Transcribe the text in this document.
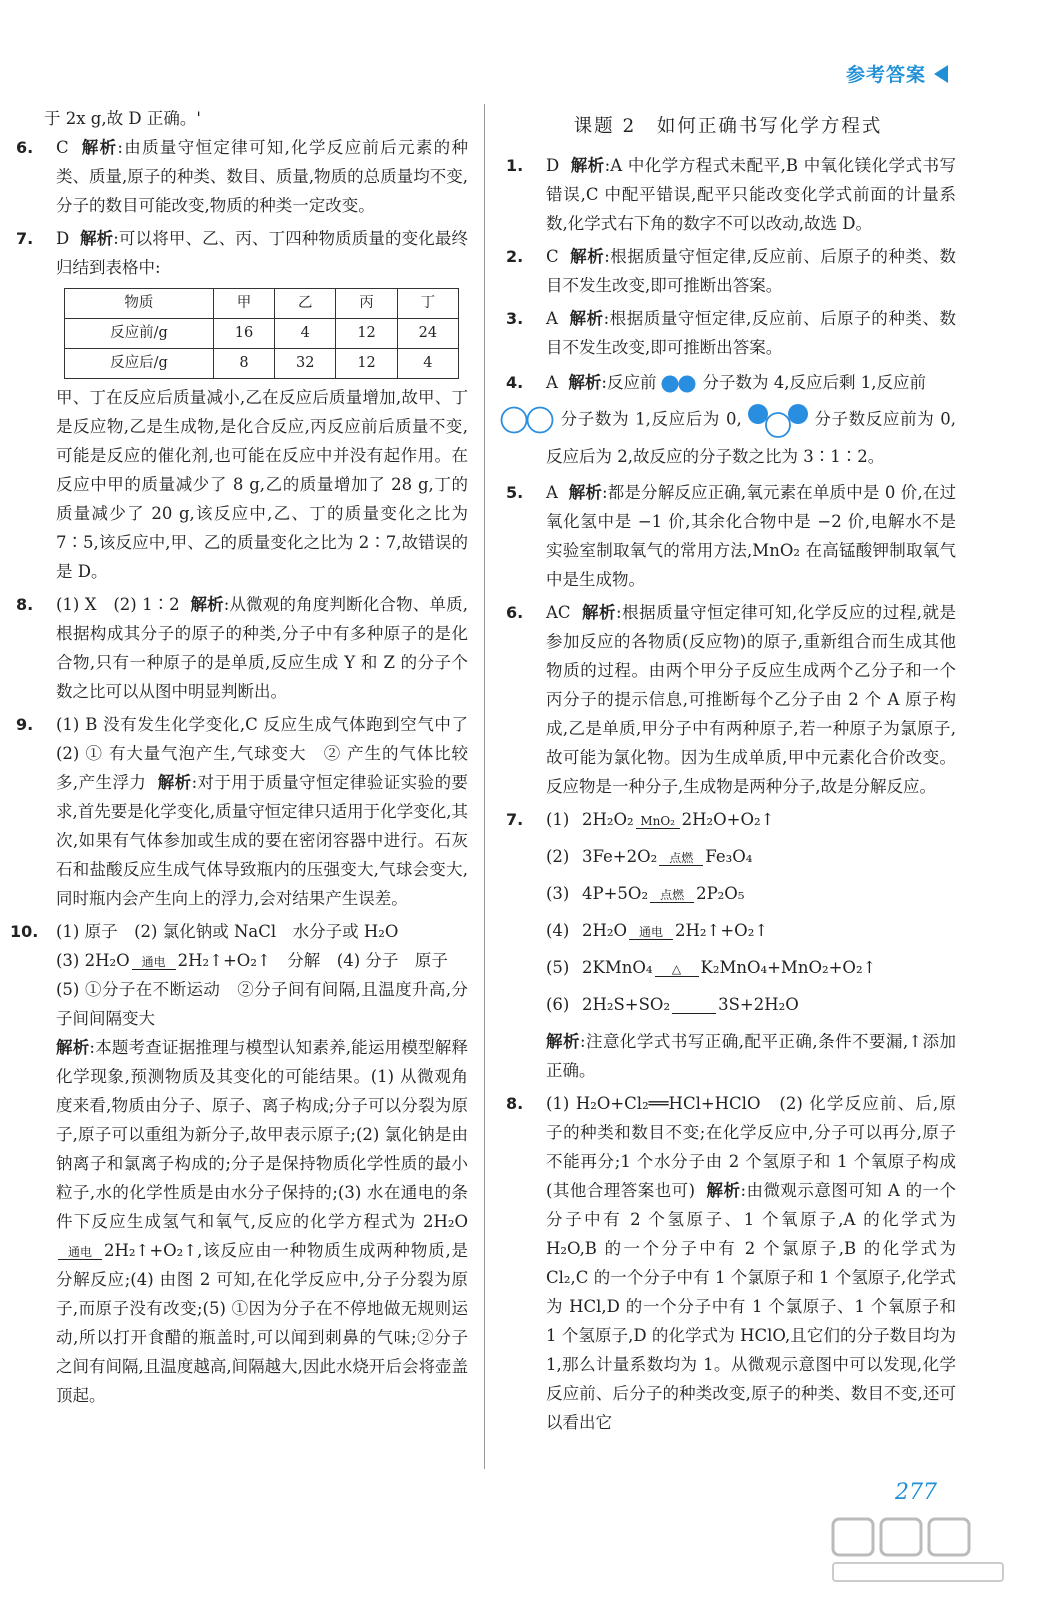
参考答案
于 2x g,故 D 正确。'
6. C 解析:由质量守恒定律可知,化学反应前后元素的种类、质量,原子的种类、数目、质量,物质的总质量均不变,分子的数目可能改变,物质的种类一定改变。
7. D 解析:可以将甲、乙、丙、丁四种物质质量的变化最终归结到表格中:
物质	甲	乙	丙	丁
反应前/g	16	4	12	24
反应后/g	8	32	12	4
甲、丁在反应后质量减小,乙在反应后质量增加,故甲、丁是反应物,乙是生成物,是化合反应,丙反应前后质量不变,可能是反应的催化剂,也可能在反应中并没有起作用。在反应中甲的质量减少了 8 g,乙的质量增加了 28 g,丁的质量减少了 20 g,该反应中,乙、丁的质量变化之比为 7∶5,该反应中,甲、乙的质量变化之比为 2∶7,故错误的是 D。
8. (1) X　(2) 1∶2 解析:从微观的角度判断化合物、单质,根据构成其分子的原子的种类,分子中有多种原子的是化合物,只有一种原子的是单质,反应生成 Y 和 Z 的分子个数之比可以从图中明显判断出。
9. (1) B 没有发生化学变化,C 反应生成气体跑到空气中了　(2) ① 有大量气泡产生,气球变大　② 产生的气体比较多,产生浮力 解析:对于用于质量守恒定律验证实验的要求,首先要是化学变化,质量守恒定律只适用于化学变化,其次,如果有气体参加或生成的要在密闭容器中进行。石灰石和盐酸反应生成气体导致瓶内的压强变大,气球会变大,同时瓶内会产生向上的浮力,会对结果产生误差。
10. (1) 原子　(2) 氯化钠或 NaCl　水分子或 H₂O
(3) 2H₂O 通电 2H₂↑+O₂↑　分解　(4) 分子　原子
(5) ①分子在不断运动　②分子间有间隔,且温度升高,分子间间隔变大
解析:本题考查证据推理与模型认知素养,能运用模型解释化学现象,预测物质及其变化的可能结果。(1) 从微观角度来看,物质由分子、原子、离子构成;分子可以分裂为原子,原子可以重组为新分子,故甲表示原子;(2) 氯化钠是由钠离子和氯离子构成的;分子是保持物质化学性质的最小粒子,水的化学性质是由水分子保持的;(3) 水在通电的条件下反应生成氢气和氧气,反应的化学方程式为 2H₂O
通电 2H₂↑+O₂↑,该反应由一种物质生成两种物质,是分解反应;(4) 由图 2 可知,在化学反应中,分子分裂为原子,而原子没有改变;(5) ①因为分子在不停地做无规则运动,所以打开食醋的瓶盖时,可以闻到刺鼻的气味;②分子之间有间隔,且温度越高,间隔越大,因此水烧开后会将壶盖顶起。
课题 2　如何正确书写化学方程式
1. D 解析:A 中化学方程式未配平,B 中氧化镁化学式书写错误,C 中配平错误,配平只能改变化学式前面的计量系数,化学式右下角的数字不可以改动,故选 D。
2. C 解析:根据质量守恒定律,反应前、后原子的种类、数目不发生改变,即可推断出答案。
3. A 解析:根据质量守恒定律,反应前、后原子的种类、数目不发生改变,即可推断出答案。
4. A 解析:反应前	分子数为 4,反应后剩 1,反应前
分子数为 1,反应后为 0,	分子数反应前为 0,反应后为 2,故反应的分子数之比为 3∶1∶2。
5. A 解析:都是分解反应正确,氧元素在单质中是 0 价,在过氧化氢中是 −1 价,其余化合物中是 −2 价,电解水不是实验室制取氧气的常用方法,MnO₂ 在高锰酸钾制取氧气中是生成物。
6. AC 解析:根据质量守恒定律可知,化学反应的过程,就是参加反应的各物质(反应物)的原子,重新组合而生成其他物质的过程。由两个甲分子反应生成两个乙分子和一个丙分子的提示信息,可推断每个乙分子由 2 个 A 原子构成,乙是单质,甲分子中有两种原子,若一种原子为氯原子,故可能为氯化物。因为生成单质,甲中元素化合价改变。反应物是一种分子,生成物是两种分子,故是分解反应。
7. (1) 2H₂O₂ MnO₂ 2H₂O+O₂↑
(2) 3Fe+2O₂ 点燃 Fe₃O₄
(3) 4P+5O₂ 点燃 2P₂O₅
(4) 2H₂O 通电 2H₂↑+O₂↑
(5) 2KMnO₄	△	K₂MnO₄+MnO₂+O₂↑
(6) 2H₂S+SO₂
	3S+2H₂O
解析:注意化学式书写正确,配平正确,条件不要漏,↑添加正确。
8. (1) H₂O+Cl₂══HCl+HClO　(2) 化学反应前、后,原子的种类和数目不变;在化学反应中,分子可以再分,原子不能再分;1 个水分子由 2 个氢原子和 1 个氧原子构成(其他合理答案也可) 解析:由微观示意图可知 A 的一个分子中有 2 个氢原子、1 个氧原子,A 的化学式为 H₂O,B 的一个分子中有 2 个氯原子,B 的化学式为 Cl₂,C 的一个分子中有 1 个氯原子和 1 个氢原子,化学式为 HCl,D 的一个分子中有 1 个氯原子、1 个氧原子和 1 个氢原子,D 的化学式为 HClO,且它们的分子数目均为 1,那么计量系数均为 1。从微观示意图中可以发现,化学反应前、后分子的种类改变,原子的种类、数目不变,还可以看出它
277
